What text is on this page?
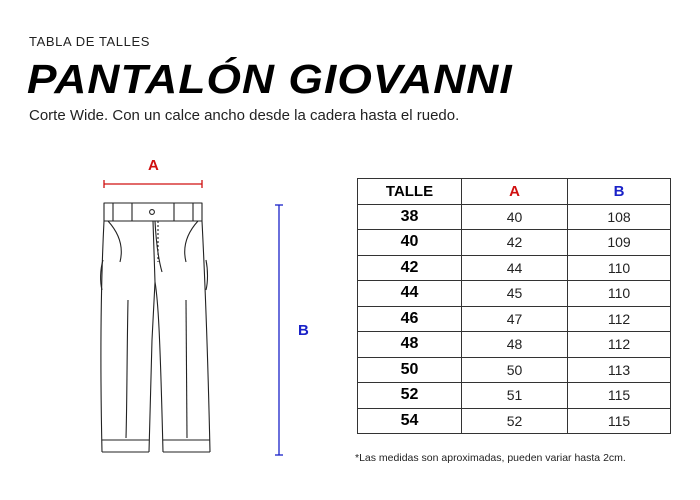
TABLA DE TALLES
PANTALÓN GIOVANNI
Corte Wide. Con un calce ancho desde la cadera hasta el ruedo.
A
B
TALLE	A	B
38	40	108
40	42	109
42	44	110
44	45	110
46	47	112
48	48	112
50	50	113
52	51	115
54	52	115
*Las medidas son aproximadas, pueden variar hasta 2cm.
